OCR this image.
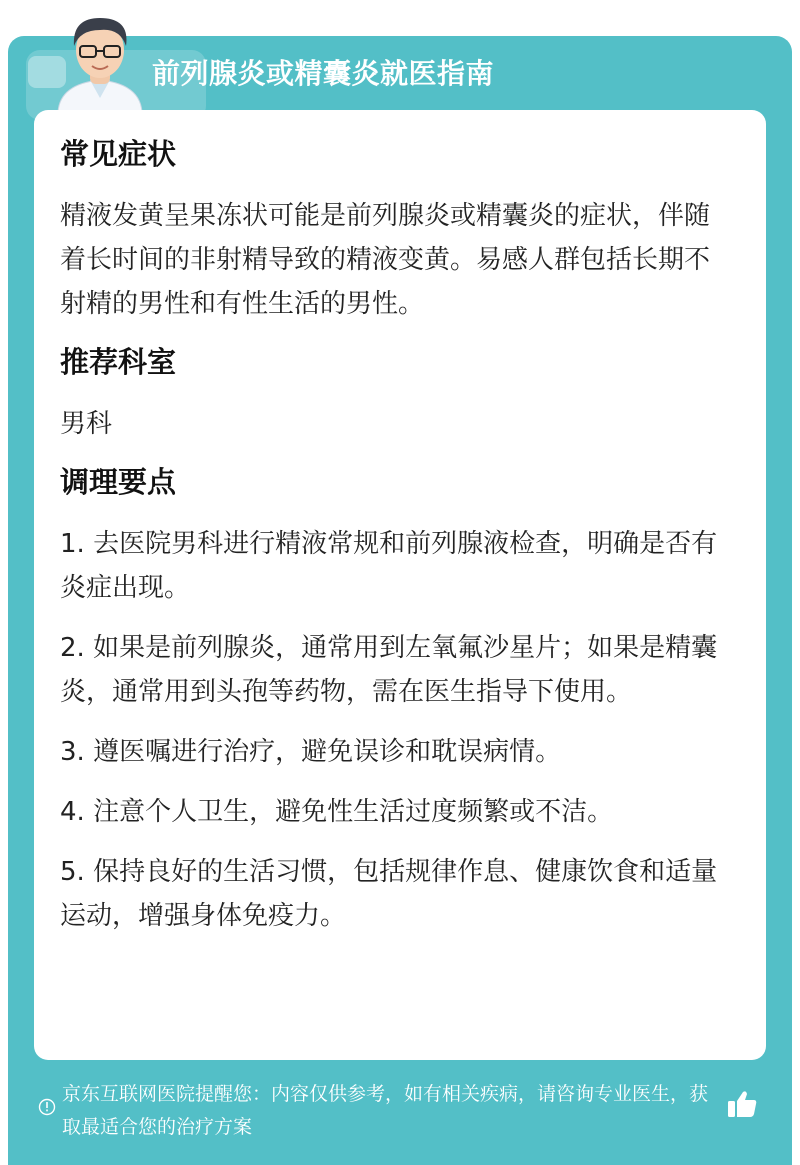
前列腺炎或精囊炎就医指南
常见症状
精液发黄呈果冻状可能是前列腺炎或精囊炎的症状，伴随着长时间的非射精导致的精液变黄。易感人群包括长期不射精的男性和有性生活的男性。
推荐科室
男科
调理要点
1. 去医院男科进行精液常规和前列腺液检查，明确是否有炎症出现。
2. 如果是前列腺炎，通常用到左氧氟沙星片；如果是精囊炎，通常用到头孢等药物，需在医生指导下使用。
3. 遵医嘱进行治疗，避免误诊和耽误病情。
4. 注意个人卫生，避免性生活过度频繁或不洁。
5. 保持良好的生活习惯，包括规律作息、健康饮食和适量运动，增强身体免疫力。
京东互联网医院提醒您：内容仅供参考，如有相关疾病，请咨询专业医生，获取最适合您的治疗方案
